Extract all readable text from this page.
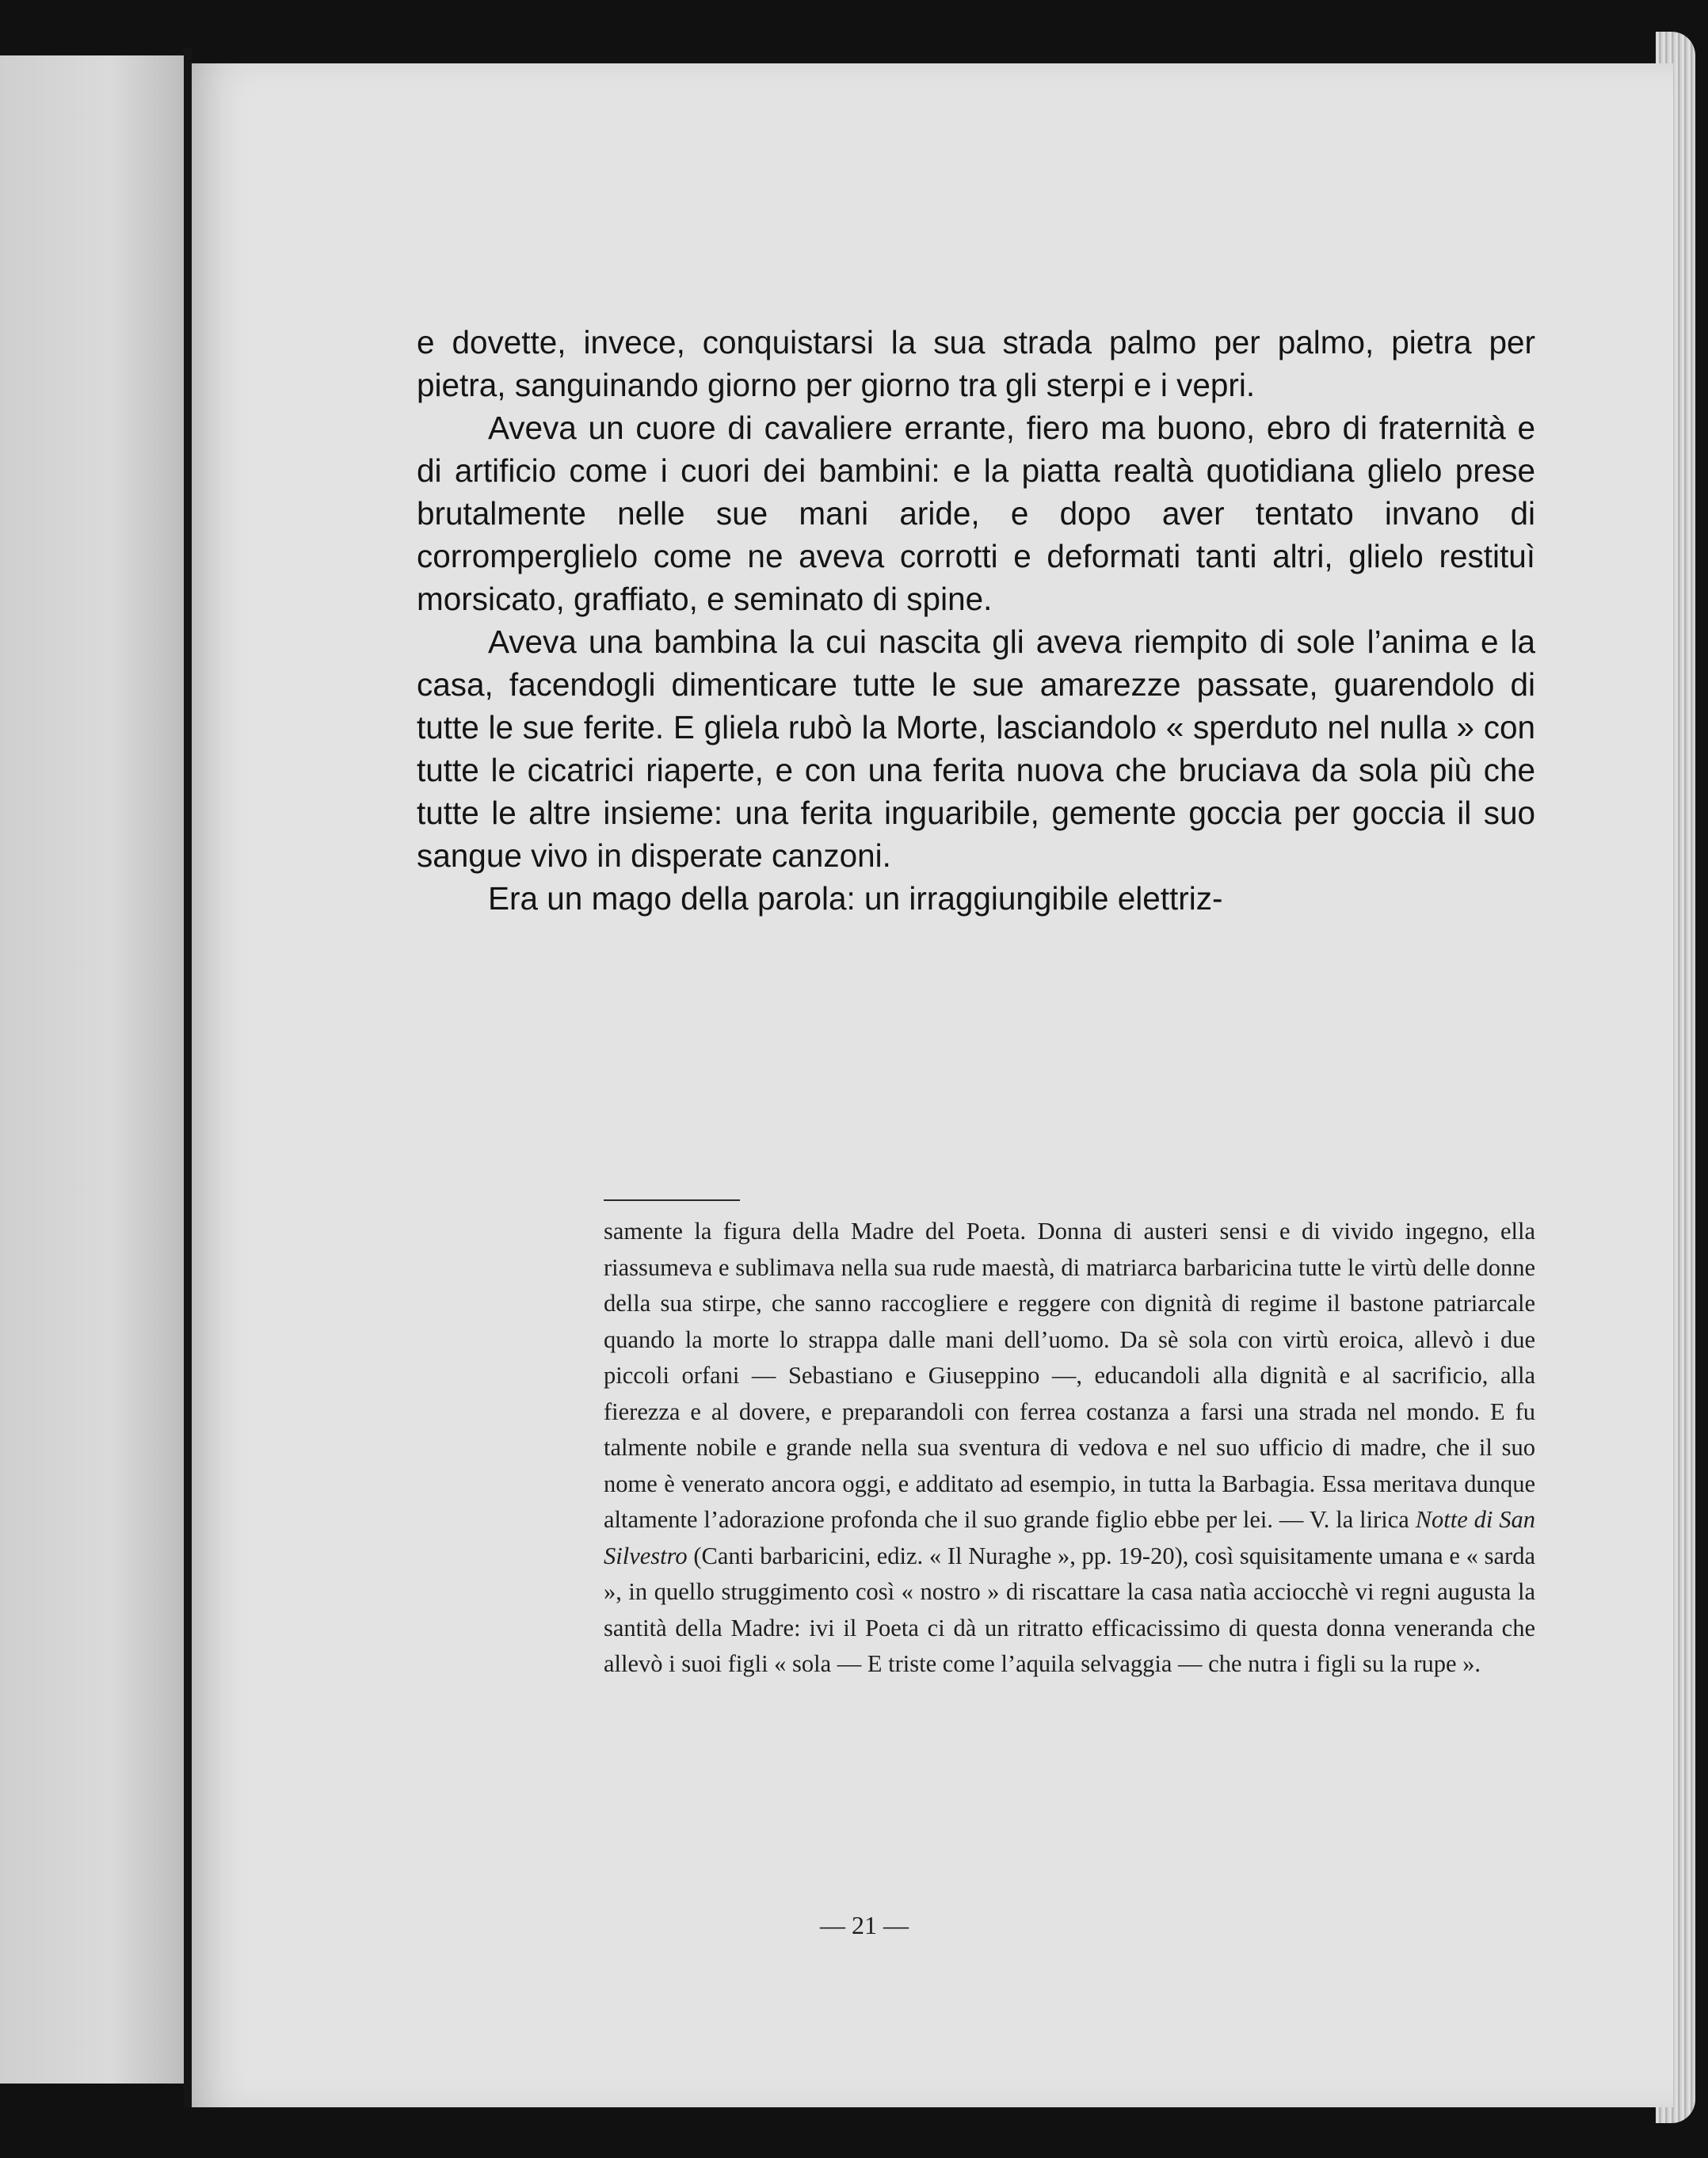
e dovette, invece, conquistarsi la sua strada palmo per palmo, pietra per pietra, sanguinando giorno per giorno tra gli sterpi e i vepri.

Aveva un cuore di cavaliere errante, fiero ma buono, ebro di fraternità e di artificio come i cuori dei bambini: e la piatta realtà quotidiana glielo prese brutalmente nelle sue mani aride, e dopo aver tentato invano di corromperglielo come ne aveva corrotti e deformati tanti altri, glielo restituì morsicato, graffiato, e seminato di spine.

Aveva una bambina la cui nascita gli aveva riempito di sole l’anima e la casa, facendogli dimenticare tutte le sue amarezze passate, guarendolo di tutte le sue ferite. E gliela rubò la Morte, lasciandolo « sperduto nel nulla » con tutte le cicatrici riaperte, e con una ferita nuova che bruciava da sola più che tutte le altre insieme: una ferita inguaribile, gemente goccia per goccia il suo sangue vivo in disperate canzoni.

Era un mago della parola: un irraggiungibile elettriz-

samente la figura della Madre del Poeta. Donna di austeri sensi e di vivido ingegno, ella riassumeva e sublimava nella sua rude maestà, di matriarca barbaricina tutte le virtù delle donne della sua stirpe, che sanno raccogliere e reggere con dignità di regime il bastone patriarcale quando la morte lo strappa dalle mani dell’uomo. Da sè sola con virtù eroica, allevò i due piccoli orfani — Sebastiano e Giuseppino —, educandoli alla dignità e al sacrificio, alla fierezza e al dovere, e preparandoli con ferrea costanza a farsi una strada nel mondo. E fu talmente nobile e grande nella sua sventura di vedova e nel suo ufficio di madre, che il suo nome è venerato ancora oggi, e additato ad esempio, in tutta la Barbagia. Essa meritava dunque altamente l’adorazione profonda che il suo grande figlio ebbe per lei. — V. la lirica Notte di San Silvestro (Canti barbaricini, ediz. « Il Nuraghe », pp. 19-20), così squisitamente umana e « sarda », in quello struggimento così « nostro » di riscattare la casa natìa acciocchè vi regni augusta la santità della Madre: ivi il Poeta ci dà un ritratto efficacissimo di questa donna veneranda che allevò i suoi figli « sola — E triste come l’aquila selvaggia — che nutra i figli su la rupe ».

— 21 —
